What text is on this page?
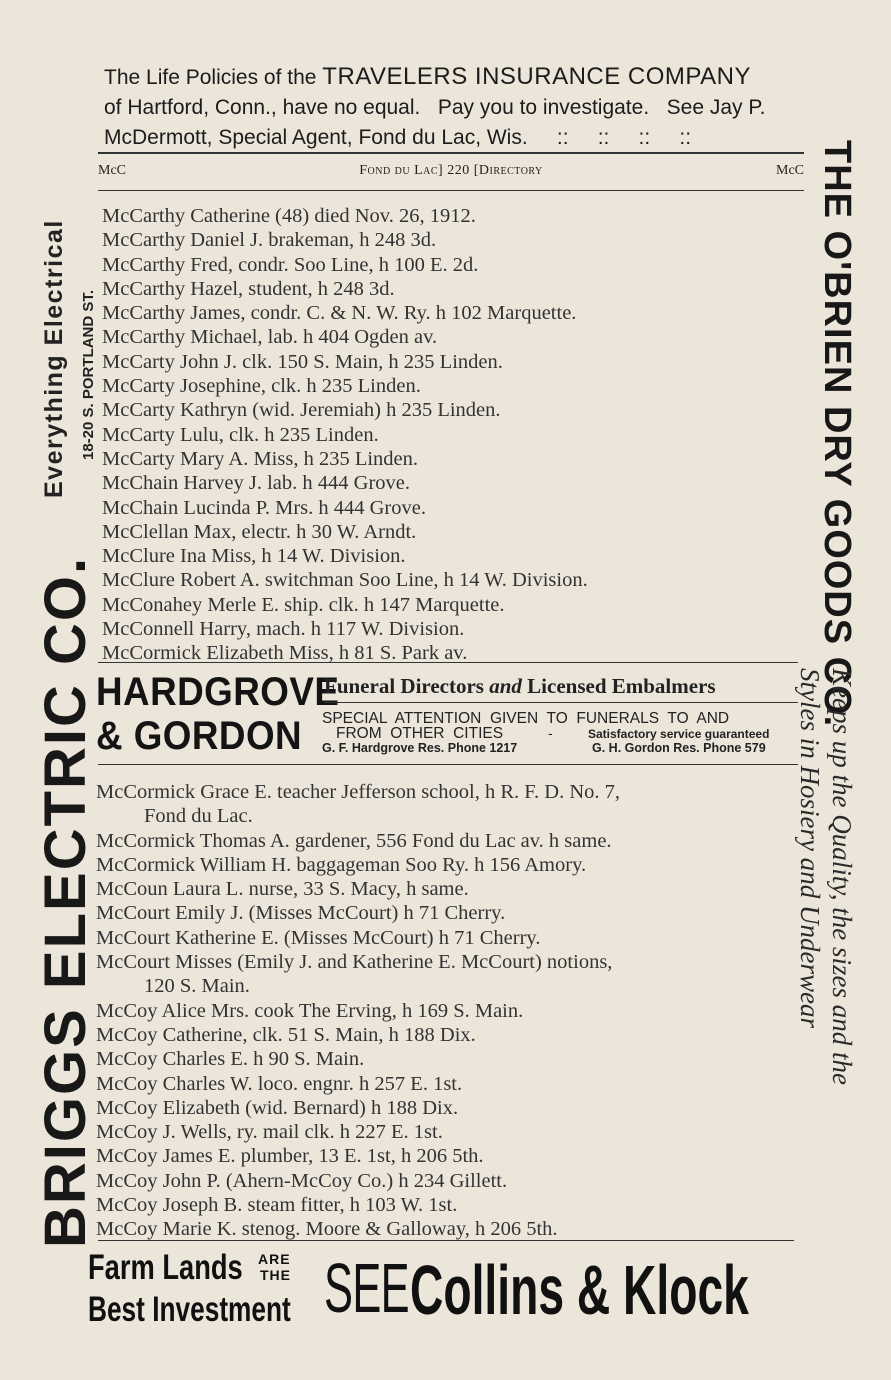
The Life Policies of the TRAVELERS INSURANCE COMPANY
of Hartford, Conn., have no equal.   Pay you to investigate.   See Jay P.
McDermott, Special Agent, Fond du Lac, Wis.     ::     ::     ::     ::
McC	Fond du Lac] 220 [Directory	McC
McCarthy Catherine (48) died Nov. 26, 1912.
McCarthy Daniel J. brakeman, h 248 3d.
McCarthy Fred, condr. Soo Line, h 100 E. 2d.
McCarthy Hazel, student, h 248 3d.
McCarthy James, condr. C. & N. W. Ry. h 102 Marquette.
McCarthy Michael, lab. h 404 Ogden av.
McCarty John J. clk. 150 S. Main, h 235 Linden.
McCarty Josephine, clk. h 235 Linden.
McCarty Kathryn (wid. Jeremiah) h 235 Linden.
McCarty Lulu, clk. h 235 Linden.
McCarty Mary A. Miss, h 235 Linden.
McChain Harvey J. lab. h 444 Grove.
McChain Lucinda P. Mrs. h 444 Grove.
McClellan Max, electr. h 30 W. Arndt.
McClure Ina Miss, h 14 W. Division.
McClure Robert A. switchman Soo Line, h 14 W. Division.
McConahey Merle E. ship. clk. h 147 Marquette.
McConnell Harry, mach. h 117 W. Division.
McCormick Elizabeth Miss, h 81 S. Park av.
HARDGROVE
& GORDON
Funeral Directors and Licensed Embalmers
SPECIAL  ATTENTION  GIVEN  TO  FUNERALS  TO  AND
FROM  OTHER  CITIES	-	Satisfactory service guaranteed
G. F. Hardgrove Res. Phone 1217	G. H. Gordon Res. Phone 579
McCormick Grace E. teacher Jefferson school, h R. F. D. No. 7,
Fond du Lac.
McCormick Thomas A. gardener, 556 Fond du Lac av. h same.
McCormick William H. baggageman Soo Ry. h 156 Amory.
McCoun Laura L. nurse, 33 S. Macy, h same.
McCourt Emily J. (Misses McCourt) h 71 Cherry.
McCourt Katherine E. (Misses McCourt) h 71 Cherry.
McCourt Misses (Emily J. and Katherine E. McCourt) notions,
120 S. Main.
McCoy Alice Mrs. cook The Erving, h 169 S. Main.
McCoy Catherine, clk. 51 S. Main, h 188 Dix.
McCoy Charles E. h 90 S. Main.
McCoy Charles W. loco. engnr. h 257 E. 1st.
McCoy Elizabeth (wid. Bernard) h 188 Dix.
McCoy J. Wells, ry. mail clk. h 227 E. 1st.
McCoy James E. plumber, 13 E. 1st, h 206 5th.
McCoy John P. (Ahern-McCoy Co.) h 234 Gillett.
McCoy Joseph B. steam fitter, h 103 W. 1st.
McCoy Marie K. stenog. Moore & Galloway, h 206 5th.
BRIGGS ELECTRIC CO.
Everything Electrical 18-20 S. PORTLAND ST.	THE O'BRIEN DRY GOODS CO.
Keeps up the Quality, the sizes and the
Styles in Hosiery and Underwear
Farm Lands ARE
THE
Best Investment SEE Collins & Klock
